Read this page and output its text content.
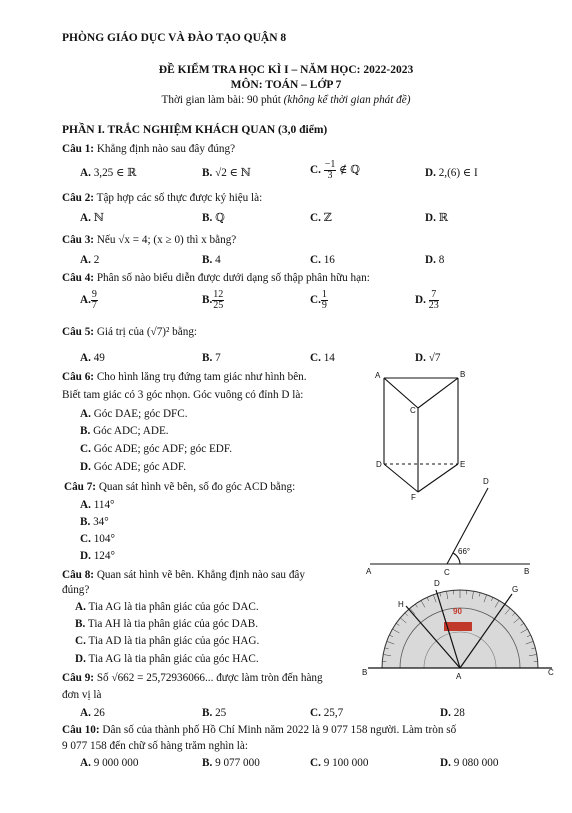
PHÒNG GIÁO DỤC VÀ ĐÀO TẠO QUẬN 8
ĐỀ KIỂM TRA HỌC KÌ I – NĂM HỌC: 2022-2023
MÔN: TOÁN – LỚP 7
Thời gian làm bài: 90 phút (không kể thời gian phát đề)
PHẦN I. TRẮC NGHIỆM KHÁCH QUAN (3,0 điểm)
Câu 1: Khẳng định nào sau đây đúng?
A. 3,25 ∈ ℝ	B. √2 ∈ ℕ	C. $\frac{-1}{3}$ ∉ ℚ	D. 2,(6) ∈ I
Câu 2: Tập hợp các số thực được ký hiệu là:
A. ℕ	B. ℚ	C. ℤ	D. ℝ
Câu 3: Nếu √x = 4; (x ≥ 0) thì x bằng?
A. 2	B. 4	C. 16	D. 8
Câu 4: Phân số nào biểu diễn được dưới dạng số thập phân hữu hạn:
A. $\frac{9}{7}$	B. $\frac{12}{25}$	C. $\frac{1}{9}$	D. $\frac{7}{23}$
Câu 5: Giá trị của (√7)² bằng:
A. 49	B. 7	C. 14	D. √7
Câu 6: Cho hình lăng trụ đứng tam giác như hình bên.
Biết tam giác có 3 góc nhọn. Góc vuông có đỉnh D là:
A. Góc DAE; góc DFC.
B. Góc ADC; ADE.
C. Góc ADE; góc ADF; góc EDF.
D. Góc ADE; góc ADF.
A	B
C
D	E
F
Câu 7: Quan sát hình vẽ bên, số đo góc ACD bằng:
A. 114°
B. 34°
C. 104°
D. 124°
D
A	C	B
66°
Câu 8: Quan sát hình vẽ bên. Khẳng định nào sau đây
đúng?
A. Tia AG là tia phân giác của góc DAC.
B. Tia AH là tia phân giác của góc DAB.
C. Tia AD là tia phân giác của góc HAG.
D. Tia AG là tia phân giác của góc HAC.
D
G
H
B	A	C
90
Câu 9: Số √662 = 25,72936066... được làm tròn đến hàng
đơn vị là
A. 26	B. 25	C. 25,7	D. 28
Câu 10: Dân số của thành phố Hồ Chí Minh năm 2022 là 9 077 158 người. Làm tròn số
9 077 158 đến chữ số hàng trăm nghìn là:
A. 9 000 000	B. 9 077 000	C. 9 100 000	D. 9 080 000
